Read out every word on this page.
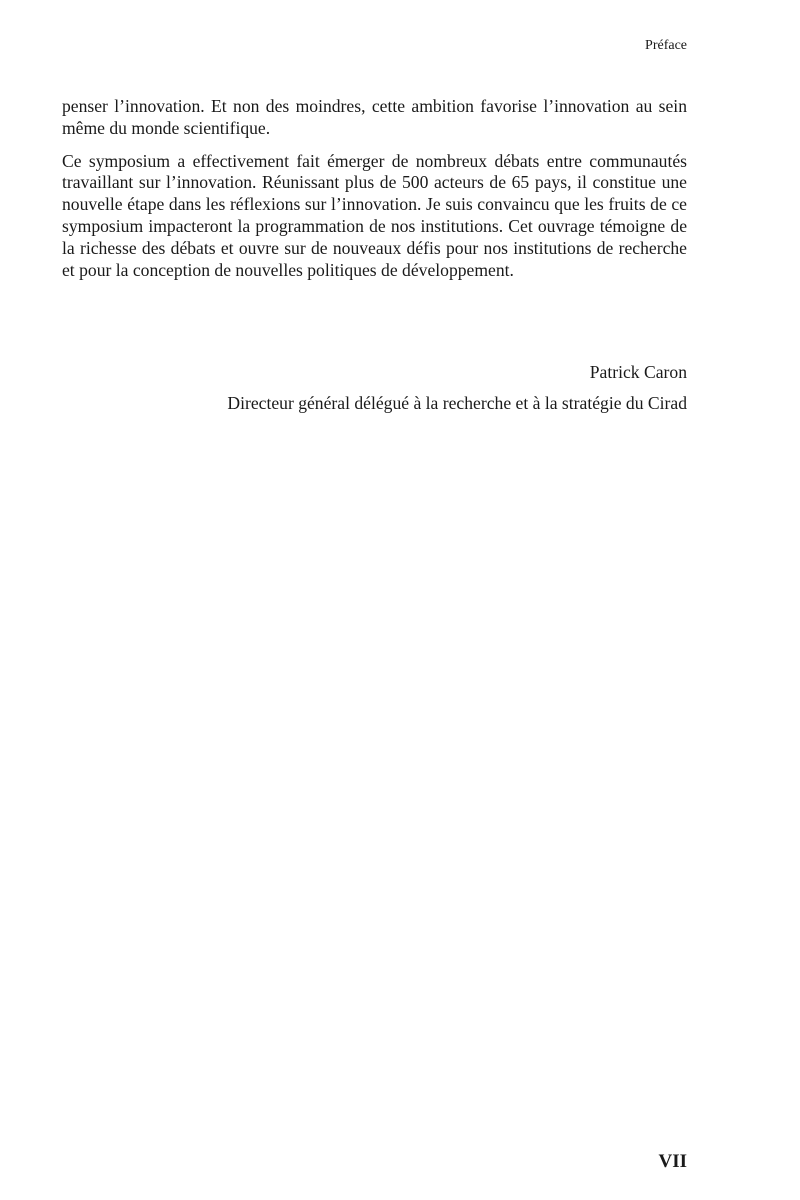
Préface

penser l’innovation. Et non des moindres, cette ambition favorise l’innovation au sein même du monde scientifique.

Ce symposium a effectivement fait émerger de nombreux débats entre communautés travaillant sur l’innovation. Réunissant plus de 500 acteurs de 65 pays, il constitue une nouvelle étape dans les réflexions sur l’innovation. Je suis convaincu que les fruits de ce symposium impacteront la programmation de nos institutions. Cet ouvrage témoigne de la richesse des débats et ouvre sur de nouveaux défis pour nos institutions de recherche et pour la conception de nouvelles politiques de développement.

Patrick Caron

Directeur général délégué à la recherche et à la stratégie du Cirad

VII
